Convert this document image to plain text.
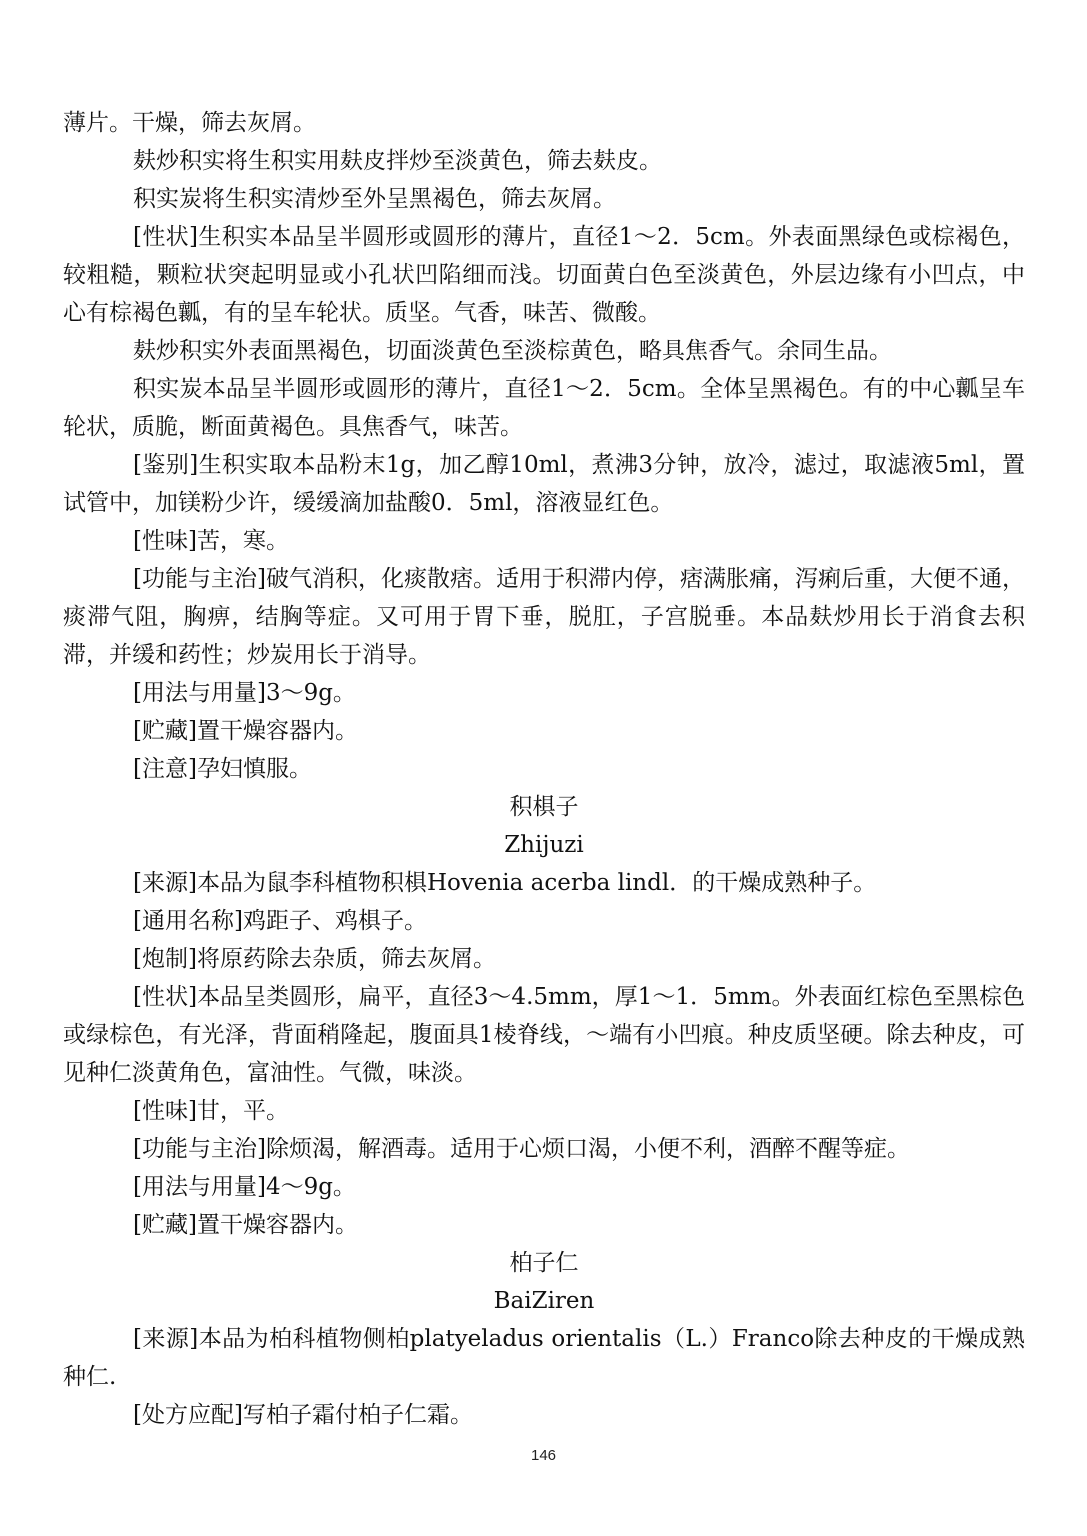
薄片。干燥，筛去灰屑。

麸炒积实将生积实用麸皮拌炒至淡黄色，筛去麸皮。

积实炭将生积实清炒至外呈黑褐色，筛去灰屑。

[性状]生积实本品呈半圆形或圆形的薄片，直径1～2．5cm。外表面黑绿色或棕褐色，较粗糙，颗粒状突起明显或小孔状凹陷细而浅。切面黄白色至淡黄色，外层边缘有小凹点，中心有棕褐色瓤，有的呈车轮状。质坚。气香，味苦、微酸。

麸炒积实外表面黑褐色，切面淡黄色至淡棕黄色，略具焦香气。余同生品。

积实炭本品呈半圆形或圆形的薄片，直径1～2．5cm。全体呈黑褐色。有的中心瓤呈车轮状，质脆，断面黄褐色。具焦香气，味苦。

[鉴别]生积实取本品粉末1g，加乙醇10ml，煮沸3分钟，放冷，滤过，取滤液5ml，置试管中，加镁粉少许，缓缓滴加盐酸0．5ml，溶液显红色。

[性味]苦，寒。

[功能与主治]破气消积，化痰散痞。适用于积滞内停，痞满胀痛，泻痢后重，大便不通，痰滞气阻，胸痹，结胸等症。又可用于胃下垂，脱肛，子宫脱垂。本品麸炒用长于消食去积滞，并缓和药性；炒炭用长于消导。

[用法与用量]3～9g。

[贮藏]置干燥容器内。

[注意]孕妇慎服。

积椇子

Zhijuzi

[来源]本品为鼠李科植物积椇Hovenia acerba lindl．的干燥成熟种子。

[通用名称]鸡距子、鸡椇子。

[炮制]将原药除去杂质，筛去灰屑。

[性状]本品呈类圆形，扁平，直径3～4.5mm，厚1～1．5mm。外表面红棕色至黑棕色或绿棕色，有光泽，背面稍隆起，腹面具1棱脊线，～端有小凹痕。种皮质坚硬。除去种皮，可见种仁淡黄角色，富油性。气微，味淡。

[性味]甘，平。

[功能与主治]除烦渴，解酒毒。适用于心烦口渴，小便不利，酒醉不醒等症。

[用法与用量]4～9g。

[贮藏]置干燥容器内。

柏子仁

BaiZiren

[来源]本品为柏科植物侧柏platyeladus orientalis（L.）Franco除去种皮的干燥成熟种仁.

[处方应配]写柏子霜付柏子仁霜。

146
